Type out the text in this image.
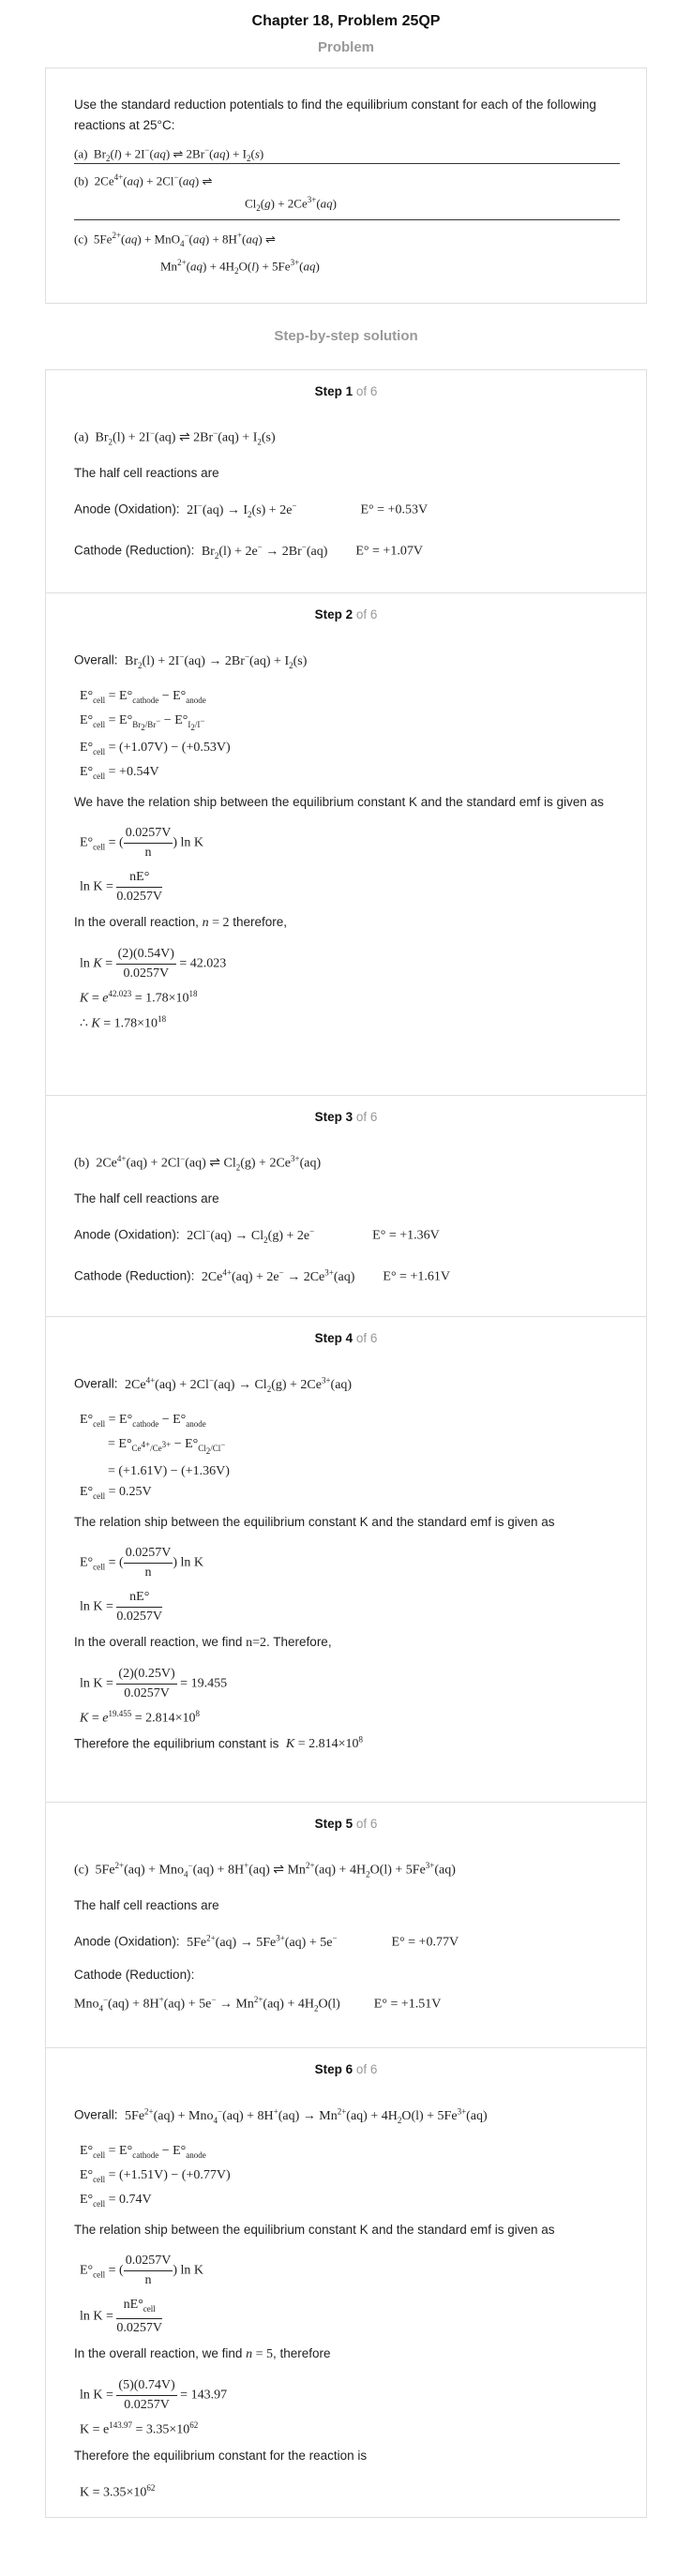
Chapter 18, Problem 25QP
Problem
Use the standard reduction potentials to find the equilibrium constant for each of the following reactions at 25°C:
(a)  $Br_2(l) + 2I^-(aq)$ ⇌ $2Br^-(aq) + I_2(s)$
(b)  $2Ce^{4+}(aq) + 2Cl^-(aq)$ ⇌
$Cl_2(g) + 2Ce^{3+}(aq)$
(c)  $5Fe^{2+}(aq) + MnO_4^-(aq) + 8H^+(aq)$ ⇌
$Mn^{2+}(aq) + 4H_2O(l) + 5Fe^{3+}(aq)$
Step-by-step solution
Step 1 of 6
(a)  $Br_2(l) + 2I^-(aq)$ ⇌ $2Br^-(aq) + I_2(s)$
The half cell reactions are
Anode (Oxidation): $2I^-(aq) \to I_2(s) + 2e^-$	E° = +0.53V
Cathode (Reduction): $Br_2(l) + 2e^- \to 2Br^-(aq) E^\circ = +1.07V$
Step 2 of 6
Overall: $Br_2(l) + 2I^-(aq) \to 2Br^-(aq) + I_2(s)$
$E^\circ_{cell} = E^\circ_{cathode} - E^\circ_{anode}$
$E^\circ_{cell} = E^\circ_{Br_2/Br^-} - E^\circ_{I_2/I^-}$
$E^\circ_{cell} = (+1.07V) - (+0.53V)$
$E^\circ_{cell} = +0.54V$
We have the relation ship between the equilibrium constant K and the standard emf is given as
$E^\circ_{cell}$ = ( $\frac{0.0257V}{n}$ ) ln K
$\ln K = \frac{nE^\circ}{0.0257V}$
In the overall reaction, n = 2 therefore,
$\ln K = \frac{(2)(0.54V)}{0.0257V} = 42.023$
$K = e^{42.023} = 1.78\times 10^{18}$
∴ $K = 1.78\times 10^{18}$
Step 3 of 6
(b)  $2Ce^{4+}(aq) + 2Cl^-(aq)$ ⇌ $Cl_2(g) + 2Ce^{3+}(aq)$
The half cell reactions are
Anode (Oxidation): $2Cl^-(aq) \to Cl_2(g) + 2e^-$	E° = +1.36V
Cathode (Reduction): $2Ce^{4+}(aq) + 2e^- \to 2Ce^{3+}(aq) E^\circ = +1.61V$
Step 4 of 6
Overall: $2Ce^{4+}(aq) + 2Cl^-(aq) \to Cl_2(g) + 2Ce^{3+}(aq)$
$E^\circ_{cell} = E^\circ_{cathode} - E^\circ_{anode}$
= $E^\circ_{Ce^{4+}/Ce^{3+}} - E^\circ_{Cl_2/Cl^-}$
= (+1.61V) − (+1.36V)
$E^\circ_{cell} = 0.25V$
The relation ship between the equilibrium constant K and the standard emf is given as
$E^\circ_{cell}$ = ( $\frac{0.0257V}{n}$ ) ln K
$\ln K = \frac{nE^\circ}{0.0257V}$
In the overall reaction, we find n=2. Therefore,
$\ln K = \frac{(2)(0.25V)}{0.0257V} = 19.455$
$K = e^{19.455} = 2.814\times 10^8$
Therefore the equilibrium constant is $K = 2.814\times 10^8$
Step 5 of 6
(c)  $5Fe^{2+}(aq) + Mno_4^-(aq) + 8H^+(aq)$ ⇌ $Mn^{2+}(aq) + 4H_2O(l) + 5Fe^{3+}(aq)$
The half cell reactions are
Anode (Oxidation): $5Fe^{2+}(aq) \to 5Fe^{3+}(aq) + 5e^-$	E° = +0.77V
Cathode (Reduction):
$Mno_4^-(aq) + 8H^+(aq) + 5e^- \to Mn^{2+}(aq) + 4H_2O(l)$	E° = +1.51V
Step 6 of 6
Overall: $5Fe^{2+}(aq) + Mno_4^-(aq) + 8H^+(aq) \to Mn^{2+}(aq) + 4H_2O(l) + 5Fe^{3+}(aq)$
$E^\circ_{cell} = E^\circ_{cathode} - E^\circ_{anode}$
$E^\circ_{cell} = (+1.51V) - (+0.77V)$
$E^\circ_{cell} = 0.74V$
The relation ship between the equilibrium constant K and the standard emf is given as
$E^\circ_{cell}$ = ( $\frac{0.0257V}{n}$ ) ln K
$\ln K = \frac{nE^\circ_{cell}}{0.0257V}$
In the overall reaction, we find n = 5, therefore
$\ln K = \frac{(5)(0.74V)}{0.0257V} = 143.97$
$K = e^{143.97} = 3.35\times 10^{62}$
Therefore the equilibrium constant for the reaction is
$K = 3.35\times 10^{62}$
